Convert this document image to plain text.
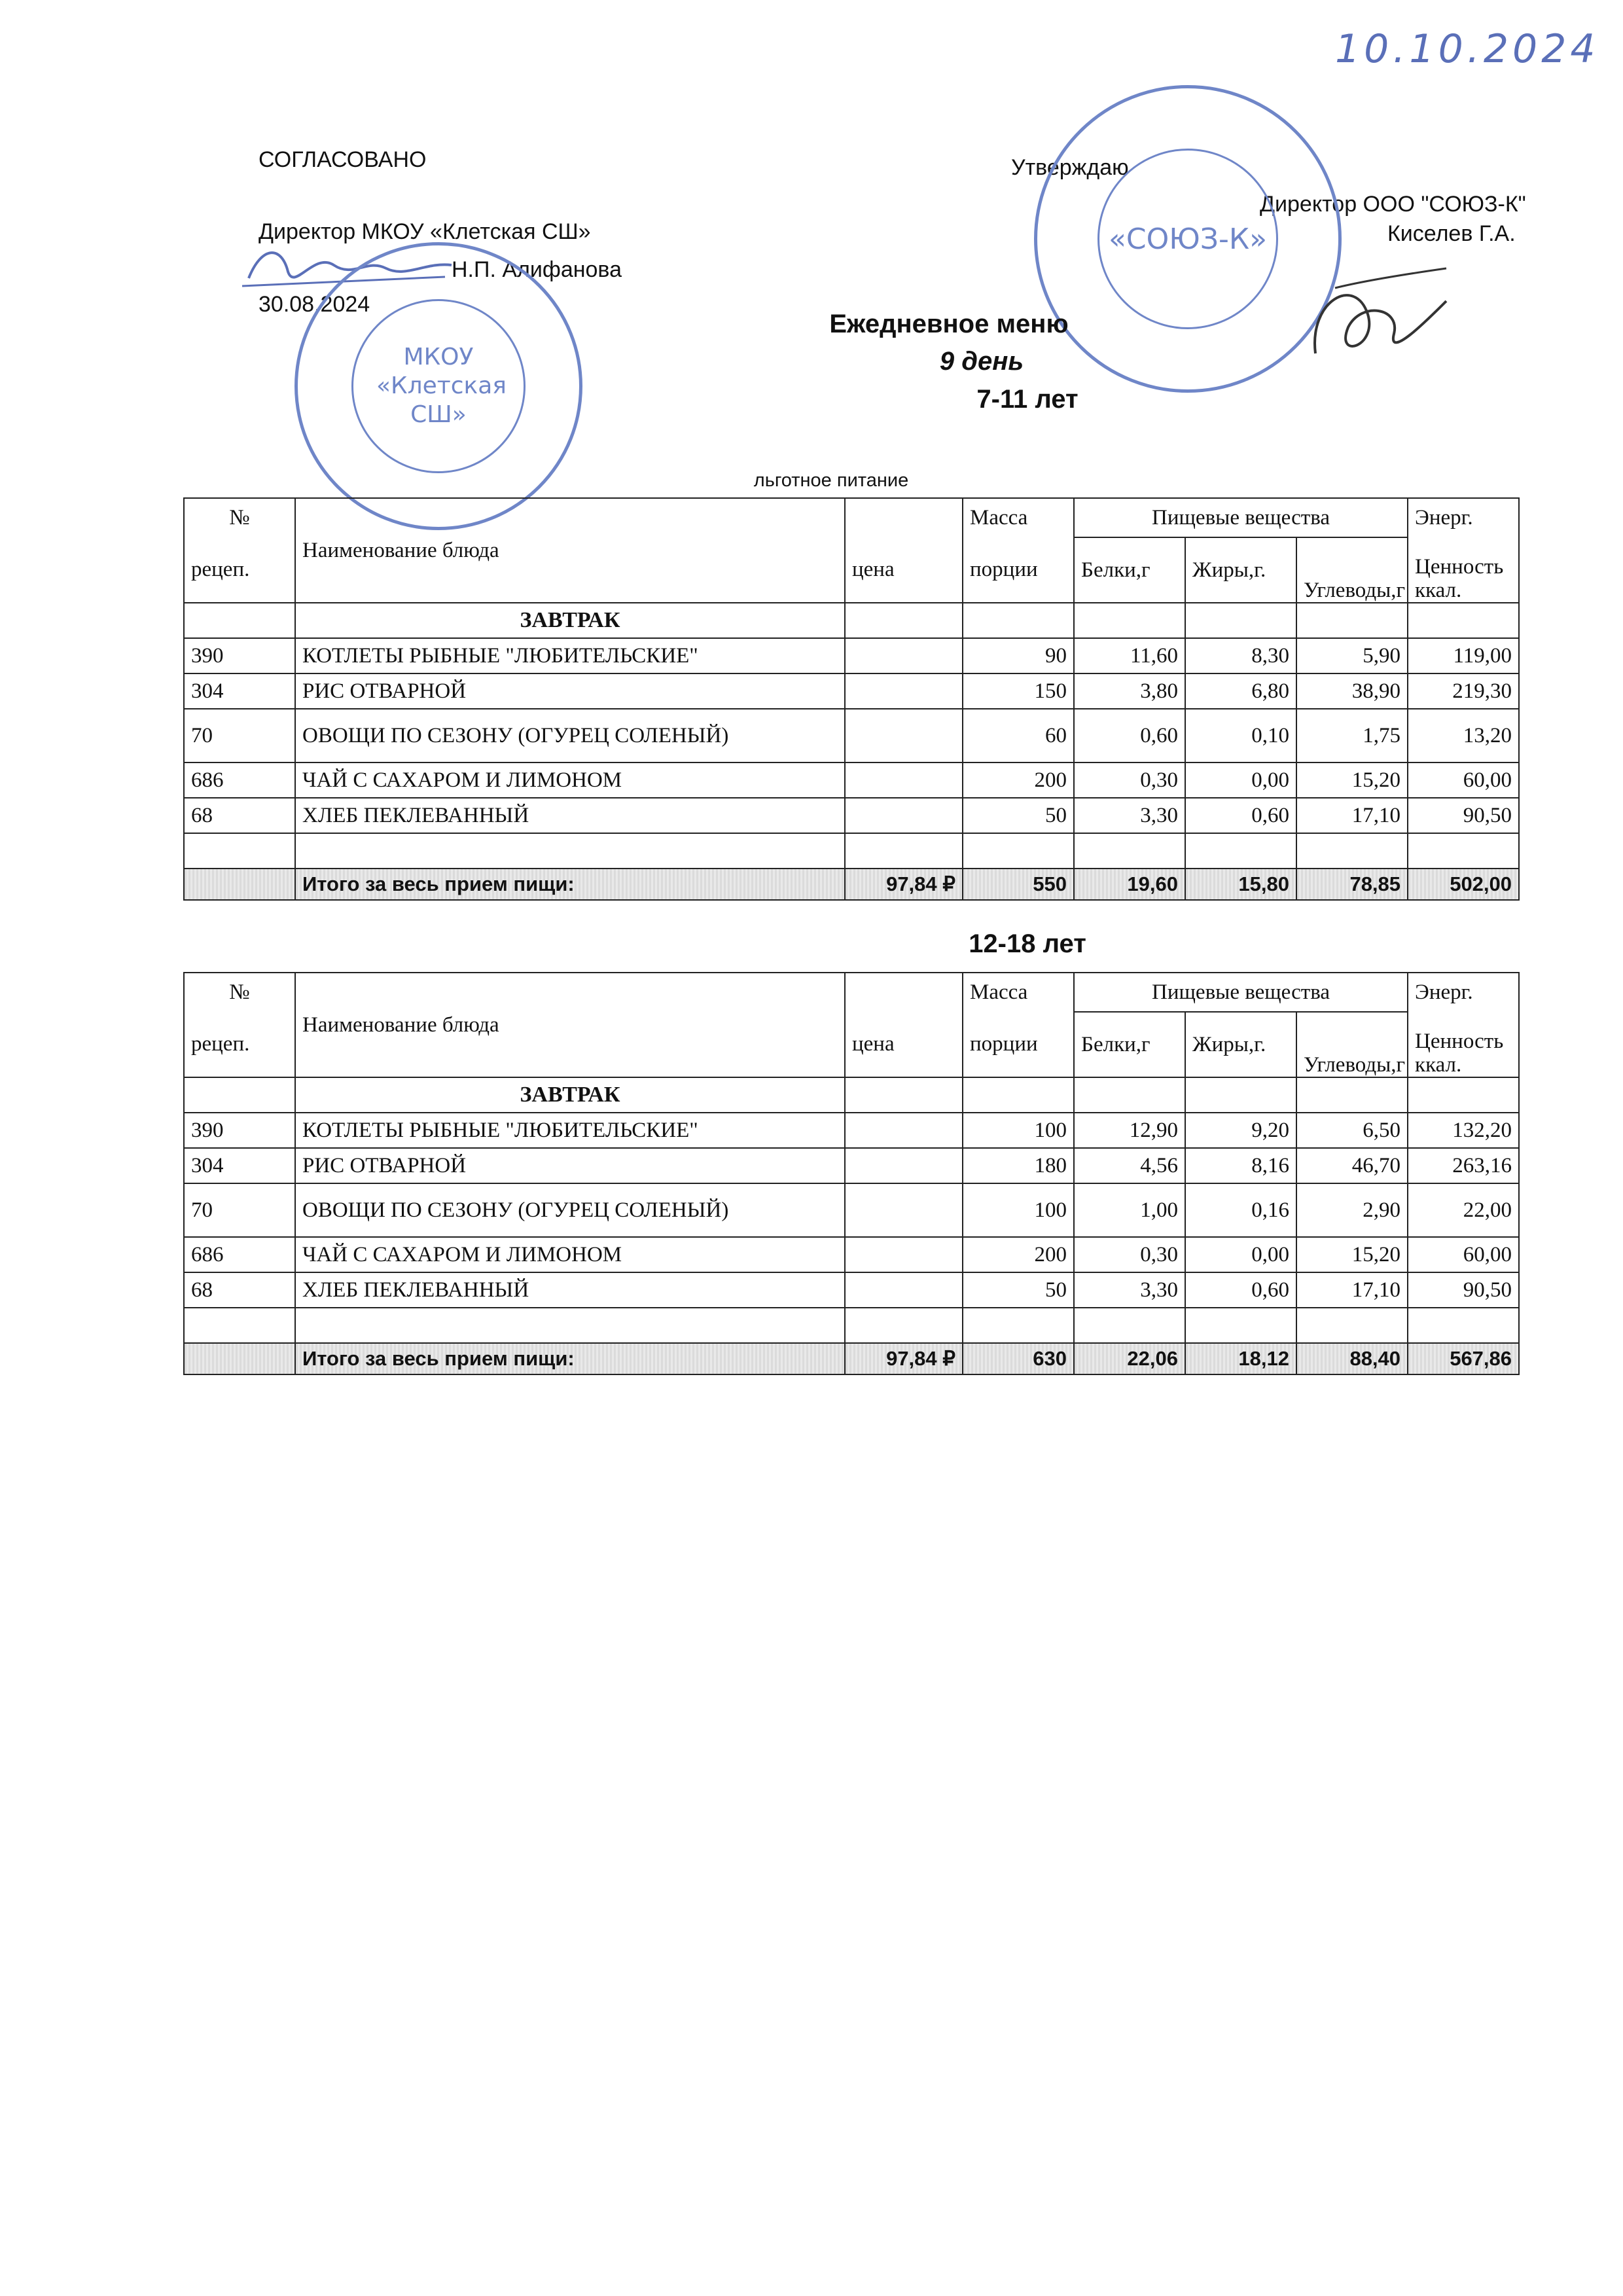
10.10.2024
СОГЛАСОВАНО
Директор МКОУ «Клетская СШ»
Н.П. Алифанова
30.08.2024
МКОУ «Клетская СШ»
Утверждаю
Директор ООО "СОЮЗ-К"
Киселев Г.А.
«СОЮЗ-К»
Ежедневное меню
9 день
7-11 лет
льготное питание
№	Наименование блюда		Масса	Пищевые вещества			Энерг.
рецеп.		цена	порции	Белки,г	Жиры,г.	Углеводы,г	Ценность ккал.
	ЗАВТРАК						
390	КОТЛЕТЫ РЫБНЫЕ "ЛЮБИТЕЛЬСКИЕ"		90	11,60	8,30	5,90	119,00
304	РИС ОТВАРНОЙ		150	3,80	6,80	38,90	219,30
70	ОВОЩИ ПО СЕЗОНУ (ОГУРЕЦ СОЛЕНЫЙ)		60	0,60	0,10	1,75	13,20
686	ЧАЙ С САХАРОМ И ЛИМОНОМ		200	0,30	0,00	15,20	60,00
68	ХЛЕБ ПЕКЛЕВАННЫЙ		50	3,30	0,60	17,10	90,50

	Итого за весь прием пищи:	97,84 ₽	550	19,60	15,80	78,85	502,00
12-18 лет
№	Наименование блюда		Масса	Пищевые вещества			Энерг.
рецеп.		цена	порции	Белки,г	Жиры,г.	Углеводы,г	Ценность ккал.
	ЗАВТРАК						
390	КОТЛЕТЫ РЫБНЫЕ "ЛЮБИТЕЛЬСКИЕ"		100	12,90	9,20	6,50	132,20
304	РИС ОТВАРНОЙ		180	4,56	8,16	46,70	263,16
70	ОВОЩИ ПО СЕЗОНУ (ОГУРЕЦ СОЛЕНЫЙ)		100	1,00	0,16	2,90	22,00
686	ЧАЙ С САХАРОМ И ЛИМОНОМ		200	0,30	0,00	15,20	60,00
68	ХЛЕБ ПЕКЛЕВАННЫЙ		50	3,30	0,60	17,10	90,50

	Итого за весь прием пищи:	97,84 ₽	630	22,06	18,12	88,40	567,86
